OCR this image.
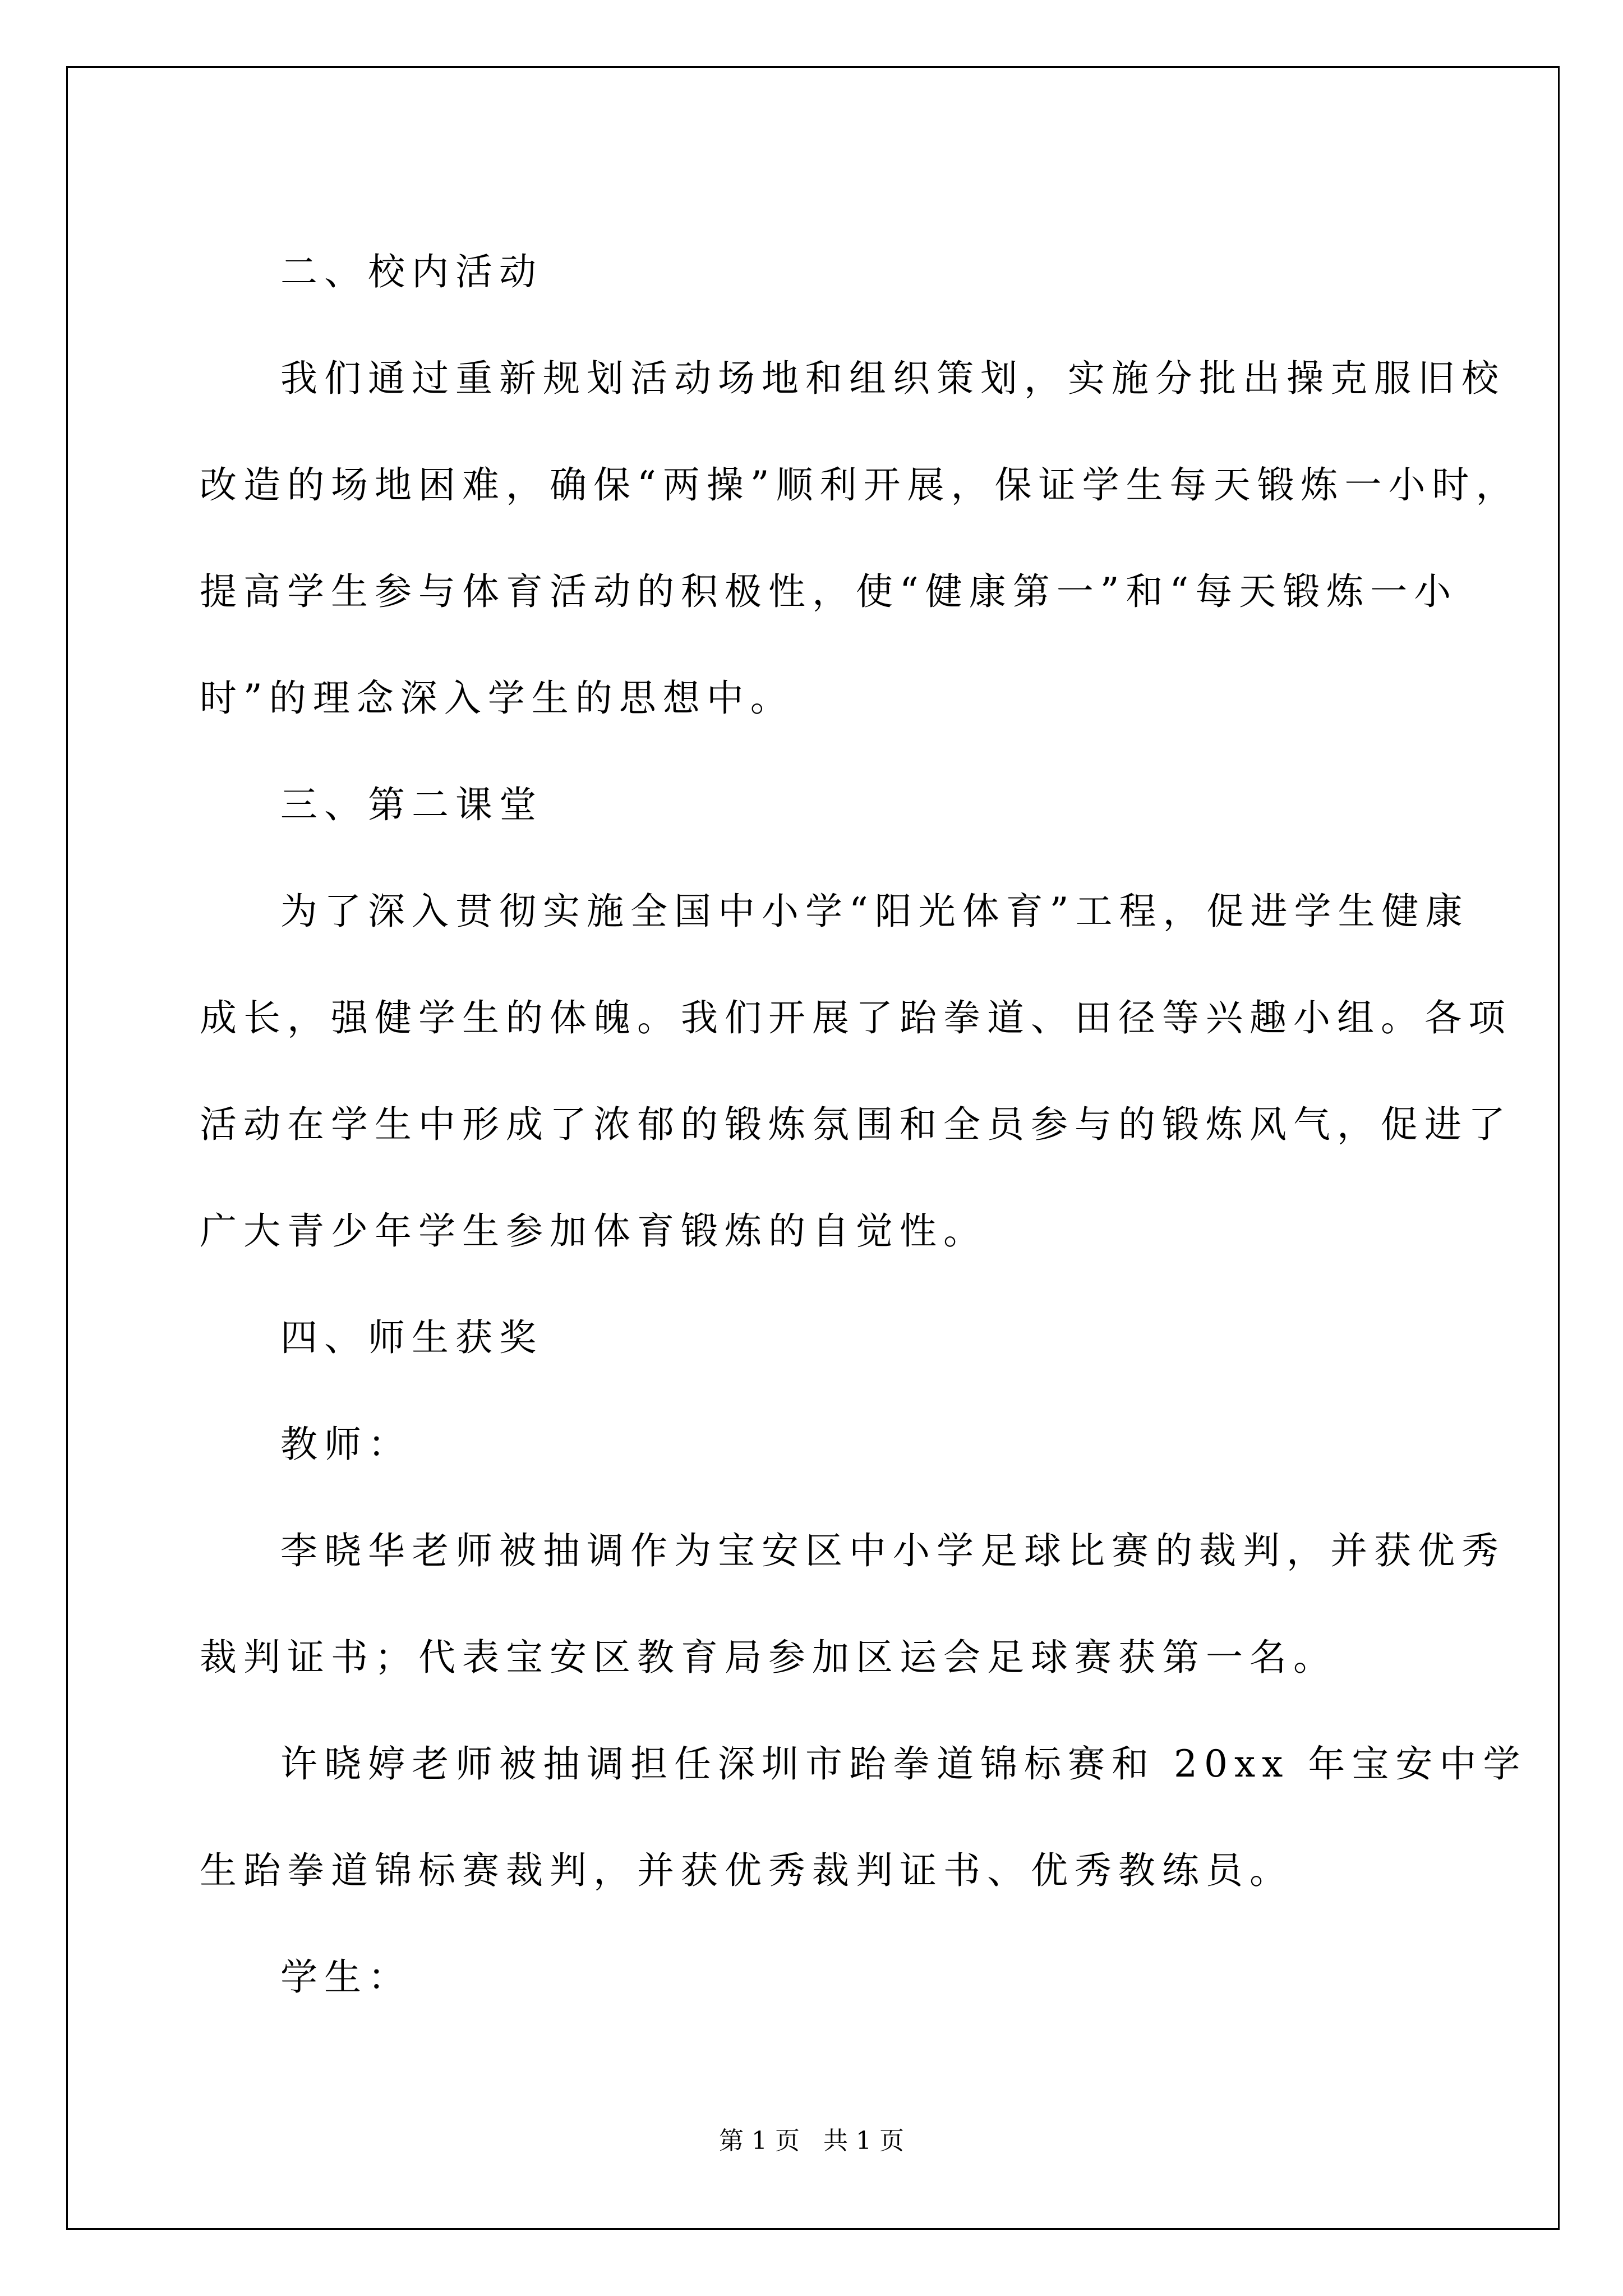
二、校内活动
我们通过重新规划活动场地和组织策划，实施分批出操克服旧校
改造的场地困难，确保“两操”顺利开展，保证学生每天锻炼一小时，
提高学生参与体育活动的积极性，使“健康第一”和“每天锻炼一小
时”的理念深入学生的思想中。
三、第二课堂
为了深入贯彻实施全国中小学“阳光体育”工程，促进学生健康
成长，强健学生的体魄。我们开展了跆拳道、田径等兴趣小组。各项
活动在学生中形成了浓郁的锻炼氛围和全员参与的锻炼风气，促进了
广大青少年学生参加体育锻炼的自觉性。
四、师生获奖
教师：
李晓华老师被抽调作为宝安区中小学足球比赛的裁判，并获优秀
裁判证书；代表宝安区教育局参加区运会足球赛获第一名。
许晓婷老师被抽调担任深圳市跆拳道锦标赛和 20xx 年宝安中学
生跆拳道锦标赛裁判，并获优秀裁判证书、优秀教练员。
学生：
第 1 页   共 1 页
